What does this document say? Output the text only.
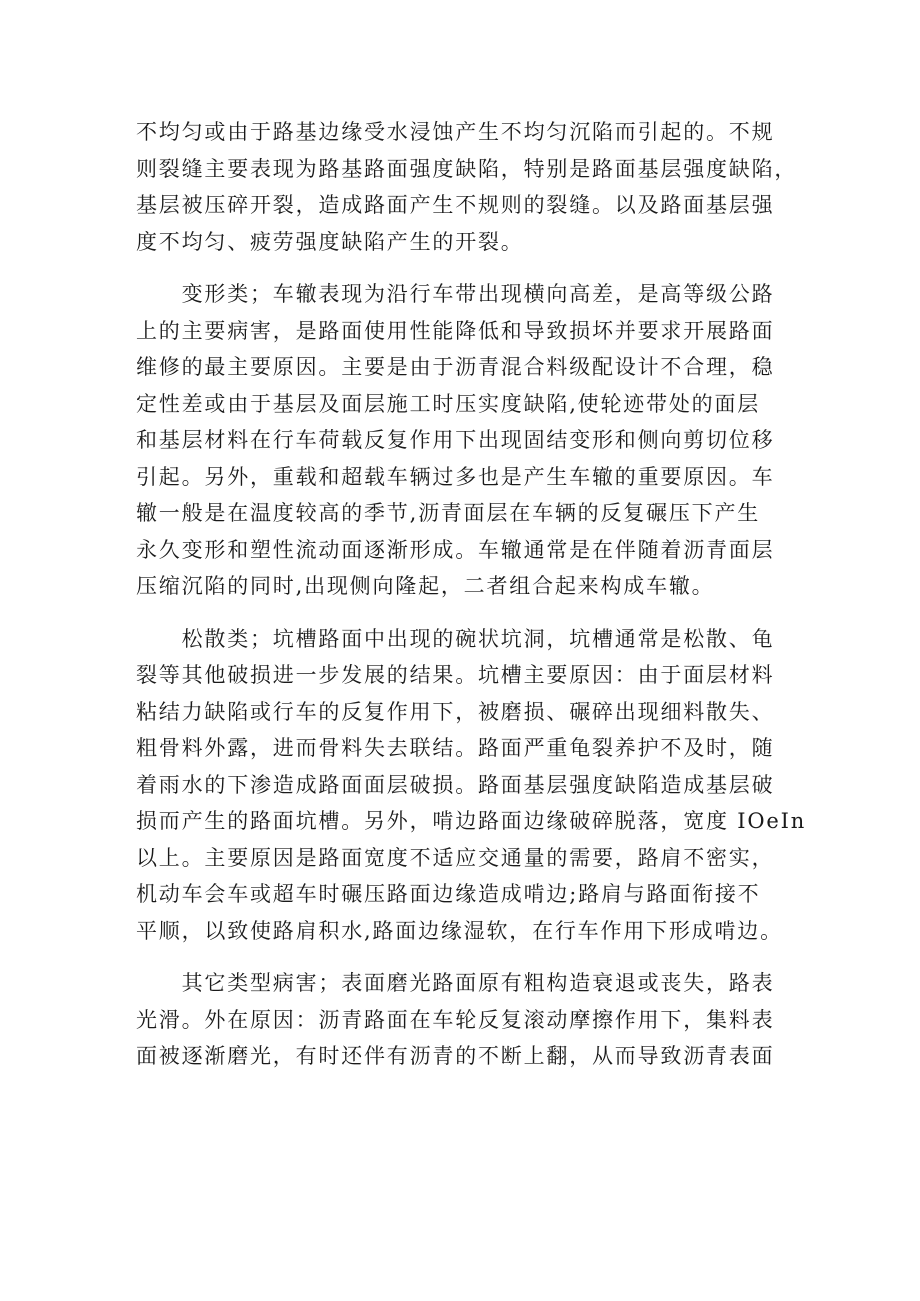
不均匀或由于路基边缘受水浸蚀产生不均匀沉陷而引起的。不规
则裂缝主要表现为路基路面强度缺陷，特别是路面基层强度缺陷，
基层被压碎开裂，造成路面产生不规则的裂缝。以及路面基层强
度不均匀、疲劳强度缺陷产生的开裂。
　　变形类；车辙表现为沿行车带出现横向高差，是高等级公路
上的主要病害，是路面使用性能降低和导致损坏并要求开展路面
维修的最主要原因。主要是由于沥青混合料级配设计不合理，稳
定性差或由于基层及面层施工时压实度缺陷,使轮迹带处的面层
和基层材料在行车荷载反复作用下出现固结变形和侧向剪切位移
引起。另外，重载和超载车辆过多也是产生车辙的重要原因。车
辙一般是在温度较高的季节,沥青面层在车辆的反复碾压下产生
永久变形和塑性流动面逐渐形成。车辙通常是在伴随着沥青面层
压缩沉陷的同时,出现侧向隆起，二者组合起来构成车辙。
　　松散类；坑槽路面中出现的碗状坑洞，坑槽通常是松散、龟
裂等其他破损进一步发展的结果。坑槽主要原因：由于面层材料
粘结力缺陷或行车的反复作用下，被磨损、碾碎出现细料散失、
粗骨料外露，进而骨料失去联结。路面严重龟裂养护不及时，随
着雨水的下渗造成路面面层破损。路面基层强度缺陷造成基层破
损而产生的路面坑槽。另外，啃边路面边缘破碎脱落，宽度 IOeIn
以上。主要原因是路面宽度不适应交通量的需要，路肩不密实，
机动车会车或超车时碾压路面边缘造成啃边;路肩与路面衔接不
平顺，以致使路肩积水,路面边缘湿软，在行车作用下形成啃边。
　　其它类型病害；表面磨光路面原有粗构造衰退或丧失，路表
光滑。外在原因：沥青路面在车轮反复滚动摩擦作用下，集料表
面被逐渐磨光，有时还伴有沥青的不断上翻，从而导致沥青表面
